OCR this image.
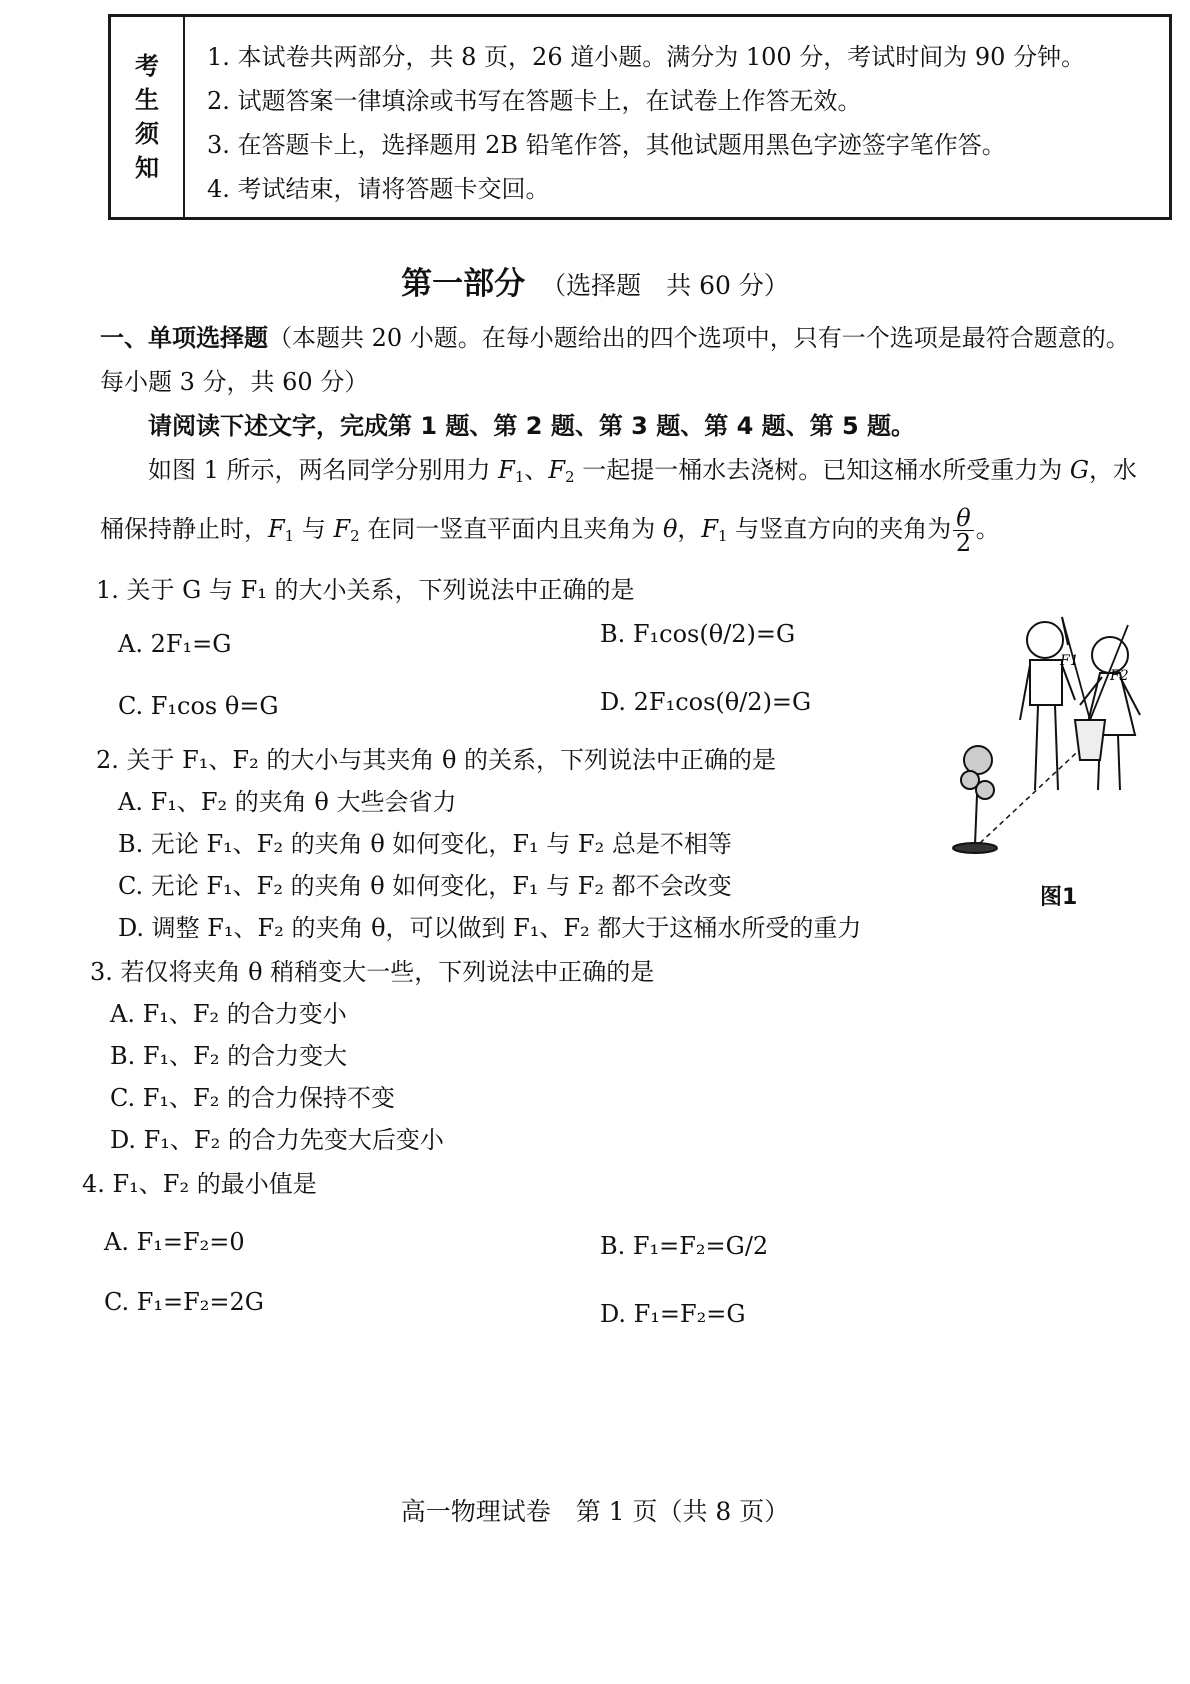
考
生
须
知
1. 本试卷共两部分，共 8 页，26 道小题。满分为 100 分，考试时间为 90 分钟。
2. 试题答案一律填涂或书写在答题卡上，在试卷上作答无效。
3. 在答题卡上，选择题用 2B 铅笔作答，其他试题用黑色字迹签字笔作答。
4. 考试结束，请将答题卡交回。
第一部分 （选择题　共 60 分）
一、单项选择题（本题共 20 小题。在每小题给出的四个选项中，只有一个选项是最符合题意的。
每小题 3 分，共 60 分）
请阅读下述文字，完成第 1 题、第 2 题、第 3 题、第 4 题、第 5 题。
如图 1 所示，两名同学分别用力 $F_1$、$F_2$ 一起提一桶水去浇树。已知这桶水所受重力为 G，水
桶保持静止时，$F_1$ 与 $F_2$ 在同一竖直平面内且夹角为 θ，$F_1$ 与竖直方向的夹角为 $\frac{\theta}{2}$ 。
1. 关于 G 与 F₁ 的大小关系，下列说法中正确的是
A. 2F₁=G	B. F₁cos(θ/2)=G
C. F₁cos θ=G	D. 2F₁cos(θ/2)=G
2. 关于 F₁、F₂ 的大小与其夹角 θ 的关系，下列说法中正确的是
A. F₁、F₂ 的夹角 θ 大些会省力
B. 无论 F₁、F₂ 的夹角 θ 如何变化，F₁ 与 F₂ 总是不相等
C. 无论 F₁、F₂ 的夹角 θ 如何变化，F₁ 与 F₂ 都不会改变
D. 调整 F₁、F₂ 的夹角 θ，可以做到 F₁、F₂ 都大于这桶水所受的重力
3. 若仅将夹角 θ 稍稍变大一些，下列说法中正确的是
A. F₁、F₂ 的合力变小
B. F₁、F₂ 的合力变大
C. F₁、F₂ 的合力保持不变
D. F₁、F₂ 的合力先变大后变小
4. F₁、F₂ 的最小值是
A. F₁=F₂=0	B. F₁=F₂=G/2
C. F₁=F₂=2G	D. F₁=F₂=G
F1
F2
图1
高一物理试卷　第 1 页（共 8 页）
